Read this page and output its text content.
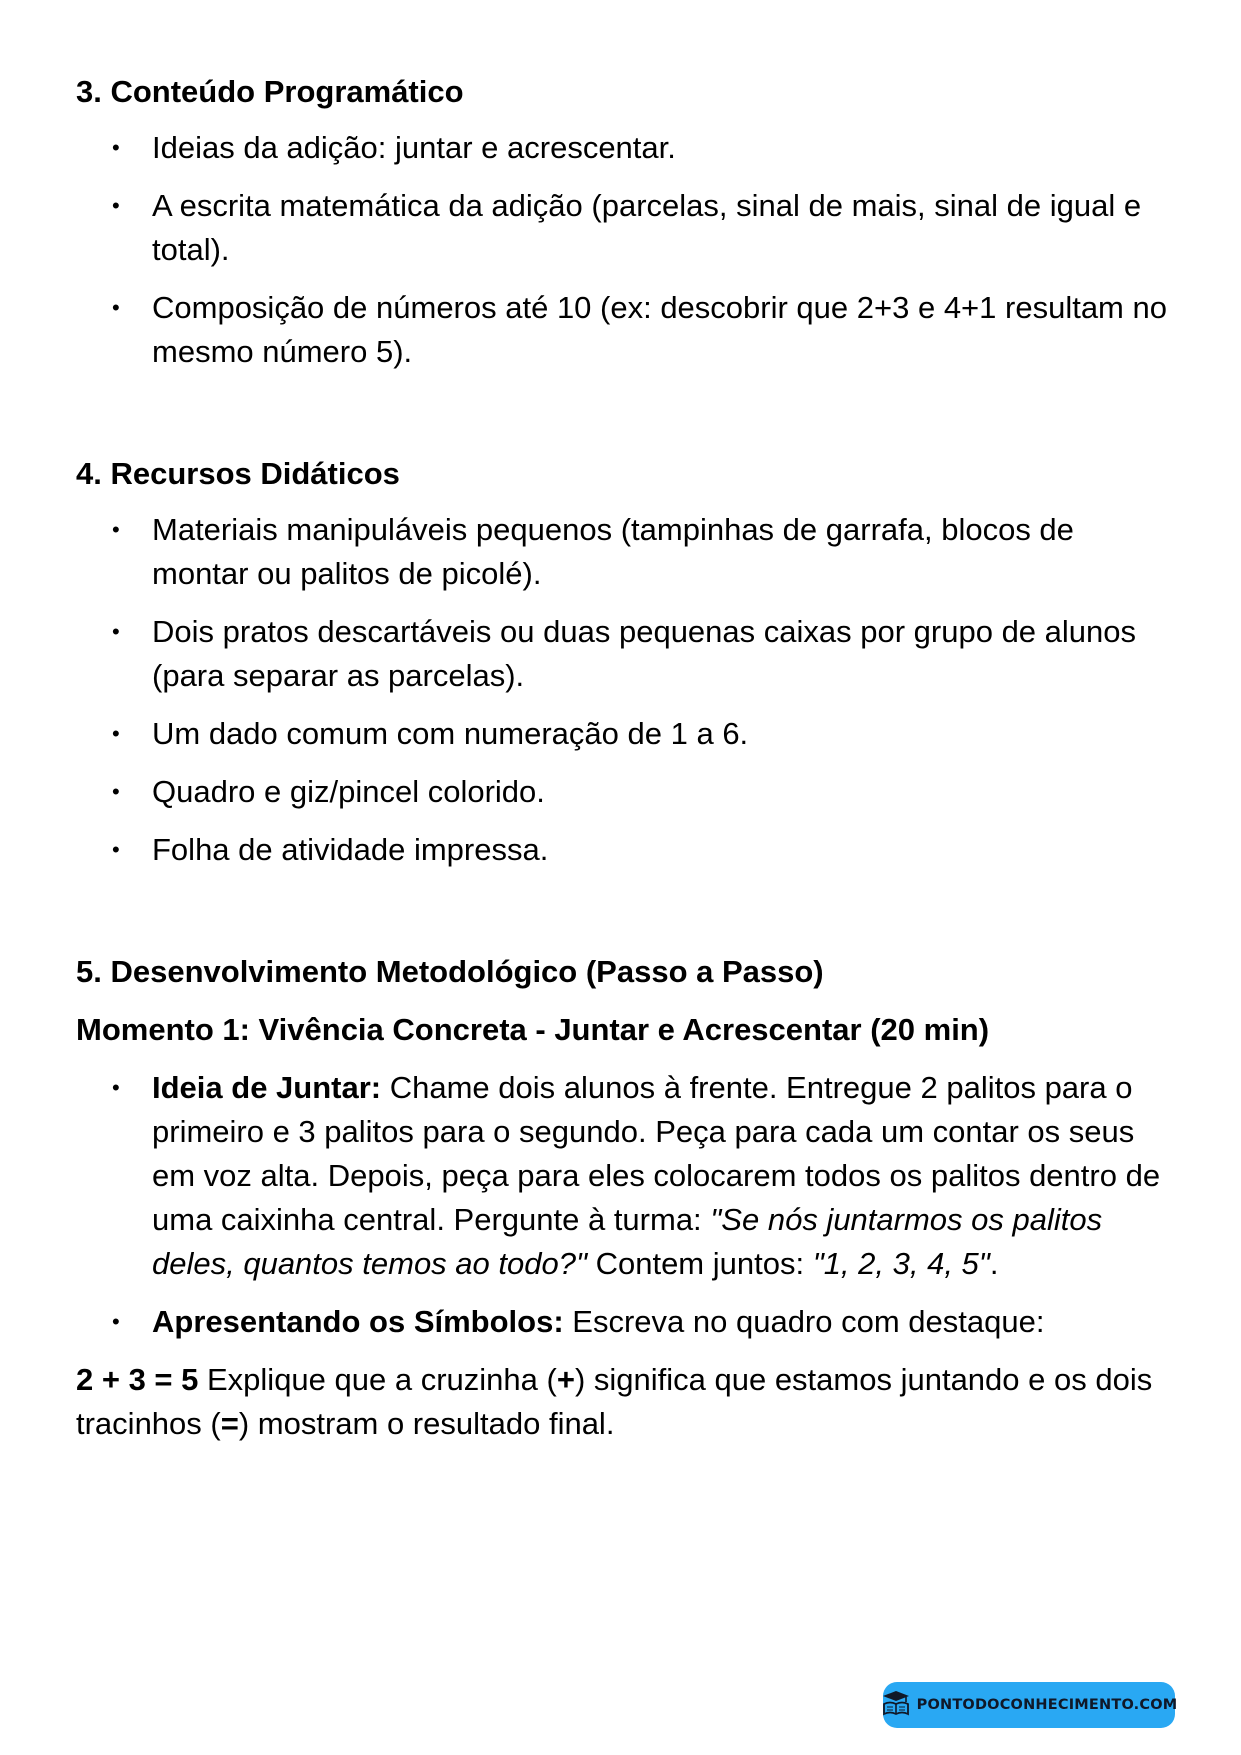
3. Conteúdo Programático
• Ideias da adição: juntar e acrescentar.
• A escrita matemática da adição (parcelas, sinal de mais, sinal de igual e total).
• Composição de números até 10 (ex: descobrir que 2+3 e 4+1 resultam no mesmo número 5).
4. Recursos Didáticos
• Materiais manipuláveis pequenos (tampinhas de garrafa, blocos de montar ou palitos de picolé).
• Dois pratos descartáveis ou duas pequenas caixas por grupo de alunos (para separar as parcelas).
• Um dado comum com numeração de 1 a 6.
• Quadro e giz/pincel colorido.
• Folha de atividade impressa.
5. Desenvolvimento Metodológico (Passo a Passo)
Momento 1: Vivência Concreta - Juntar e Acrescentar (20 min)
• Ideia de Juntar: Chame dois alunos à frente. Entregue 2 palitos para o primeiro e 3 palitos para o segundo. Peça para cada um contar os seus em voz alta. Depois, peça para eles colocarem todos os palitos dentro de uma caixinha central. Pergunte à turma: "Se nós juntarmos os palitos deles, quantos temos ao todo?" Contem juntos: "1, 2, 3, 4, 5".
• Apresentando os Símbolos: Escreva no quadro com destaque:

2 + 3 = 5 Explique que a cruzinha (+) significa que estamos juntando e os dois tracinhos (=) mostram o resultado final.

PONTODOCONHECIMENTO.COM
